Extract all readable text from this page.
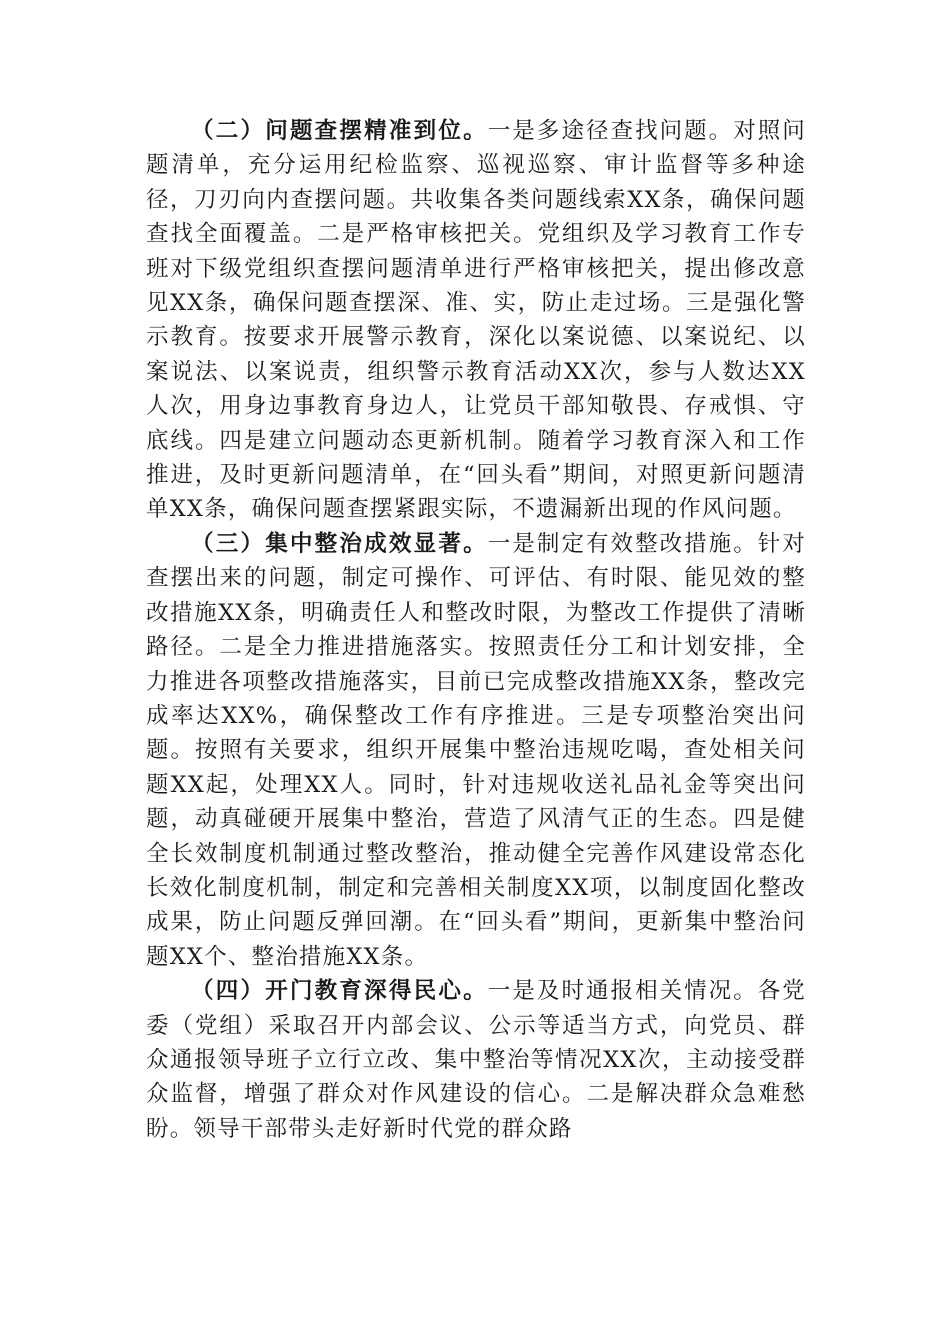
（二）问题查摆精准到位。一是多途径查找问题。对照问题清单，充分运用纪检监察、巡视巡察、审计监督等多种途径，刀刃向内查摆问题。共收集各类问题线索XX条，确保问题查找全面覆盖。二是严格审核把关。党组织及学习教育工作专班对下级党组织查摆问题清单进行严格审核把关，提出修改意见XX条，确保问题查摆深、准、实，防止走过场。三是强化警示教育。按要求开展警示教育，深化以案说德、以案说纪、以案说法、以案说责，组织警示教育活动XX次，参与人数达XX人次，用身边事教育身边人，让党员干部知敬畏、存戒惧、守底线。四是建立问题动态更新机制。随着学习教育深入和工作推进，及时更新问题清单，在“回头看”期间，对照更新问题清单XX条，确保问题查摆紧跟实际，不遗漏新出现的作风问题。

（三）集中整治成效显著。一是制定有效整改措施。针对查摆出来的问题，制定可操作、可评估、有时限、能见效的整改措施XX条，明确责任人和整改时限，为整改工作提供了清晰路径。二是全力推进措施落实。按照责任分工和计划安排，全力推进各项整改措施落实，目前已完成整改措施XX条，整改完成率达XX%，确保整改工作有序推进。三是专项整治突出问题。按照有关要求，组织开展集中整治违规吃喝，查处相关问题XX起，处理XX人。同时，针对违规收送礼品礼金等突出问题，动真碰硬开展集中整治，营造了风清气正的生态。四是健全长效制度机制通过整改整治，推动健全完善作风建设常态化长效化制度机制，制定和完善相关制度XX项，以制度固化整改成果，防止问题反弹回潮。在“回头看”期间，更新集中整治问题XX个、整治措施XX条。

（四）开门教育深得民心。一是及时通报相关情况。各党委（党组）采取召开内部会议、公示等适当方式，向党员、群众通报领导班子立行立改、集中整治等情况XX次，主动接受群众监督，增强了群众对作风建设的信心。二是解决群众急难愁盼。领导干部带头走好新时代党的群众路
